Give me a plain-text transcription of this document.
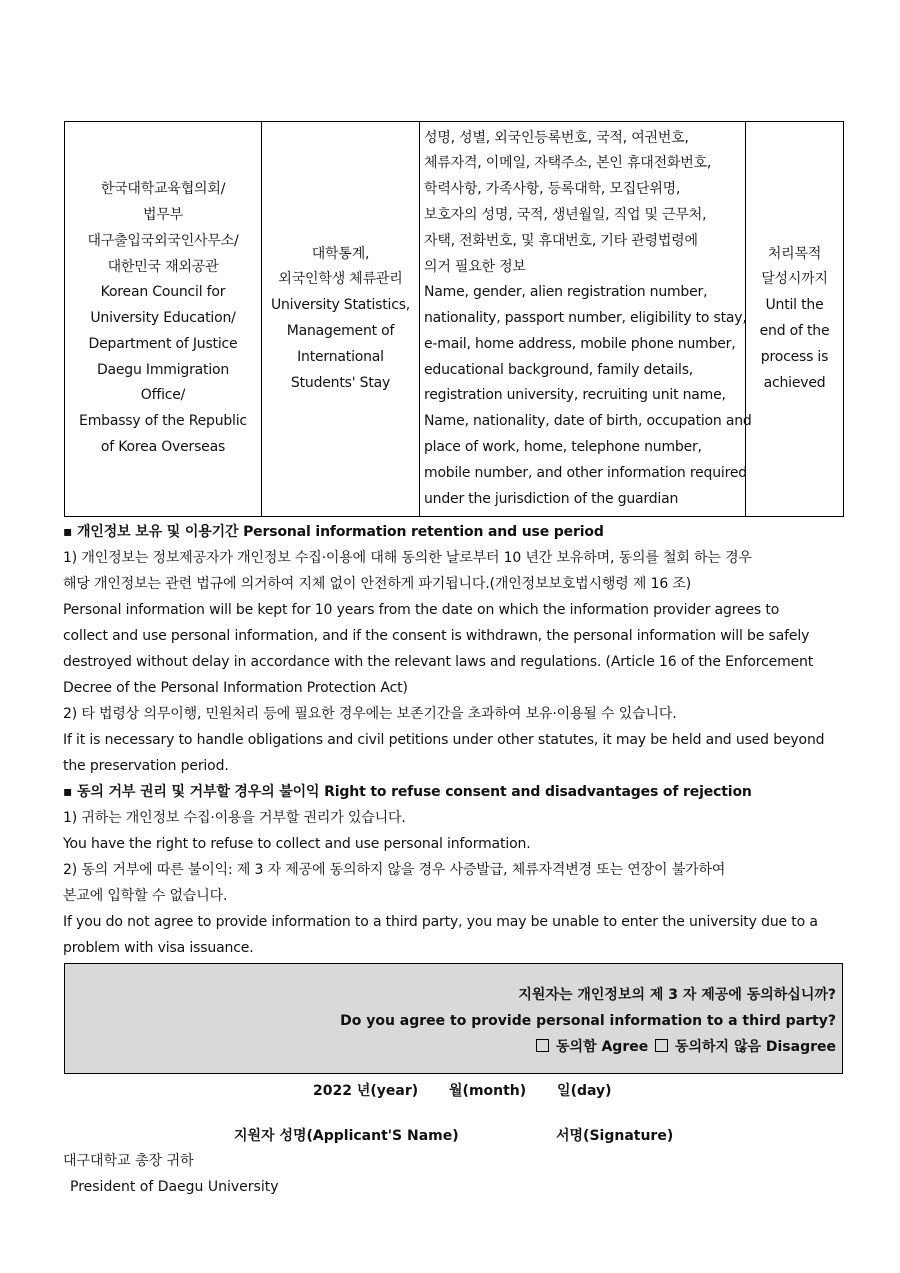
한국대학교육협의회/
법무부
대구출입국외국인사무소/
대한민국 재외공관
Korean Council for
University Education/
Department of Justice
Daegu Immigration
Office/
Embassy of the Republic
of Korea Overseas

대학통계,
외국인학생 체류관리
University Statistics,
Management of
International
Students' Stay

성명, 성별, 외국인등록번호, 국적, 여권번호,
체류자격, 이메일, 자택주소, 본인 휴대전화번호,
학력사항, 가족사항, 등록대학, 모집단위명,
보호자의 성명, 국적, 생년월일, 직업 및 근무처,
자택, 전화번호, 및 휴대번호, 기타 관령법령에
의거 필요한 정보
Name, gender, alien registration number,
nationality, passport number, eligibility to stay,
e-mail, home address, mobile phone number,
educational background, family details,
registration university, recruiting unit name,
Name, nationality, date of birth, occupation and
place of work, home, telephone number,
mobile number, and other information required
under the jurisdiction of the guardian

처리목적
달성시까지
Until the
end of the
process is
achieved
▪ 개인정보 보유 및 이용기간 Personal information retention and use period
1) 개인정보는 정보제공자가 개인정보 수집·이용에 대해 동의한 날로부터 10 년간 보유하며, 동의를 철회 하는 경우
해당 개인정보는 관련 법규에 의거하여 지체 없이 안전하게 파기됩니다.(개인정보보호법시행령 제 16 조)
Personal information will be kept for 10 years from the date on which the information provider agrees to
collect and use personal information, and if the consent is withdrawn, the personal information will be safely
destroyed without delay in accordance with the relevant laws and regulations. (Article 16 of the Enforcement
Decree of the Personal Information Protection Act)
2) 타 법령상 의무이행, 민원처리 등에 필요한 경우에는 보존기간을 초과하여 보유·이용될 수 있습니다.
If it is necessary to handle obligations and civil petitions under other statutes, it may be held and used beyond
the preservation period.
▪ 동의 거부 권리 및 거부할 경우의 불이익 Right to refuse consent and disadvantages of rejection
1) 귀하는 개인정보 수집·이용을 거부할 권리가 있습니다.
You have the right to refuse to collect and use personal information.
2) 동의 거부에 따른 불이익: 제 3 자 제공에 동의하지 않을 경우 사증발급, 체류자격변경 또는 연장이 불가하여
본교에 입학할 수 없습니다.
If you do not agree to provide information to a third party, you may be unable to enter the university due to a
problem with visa issuance.
지원자는 개인정보의 제 3 자 제공에 동의하십니까?
Do you agree to provide personal information to a third party?
동의함 Agree 동의하지 않음 Disagree
2022 년(year) 월(month) 일(day)
지원자 성명(Applicant'S Name)	서명(Signature)
대구대학교 총장 귀하
President of Daegu University
